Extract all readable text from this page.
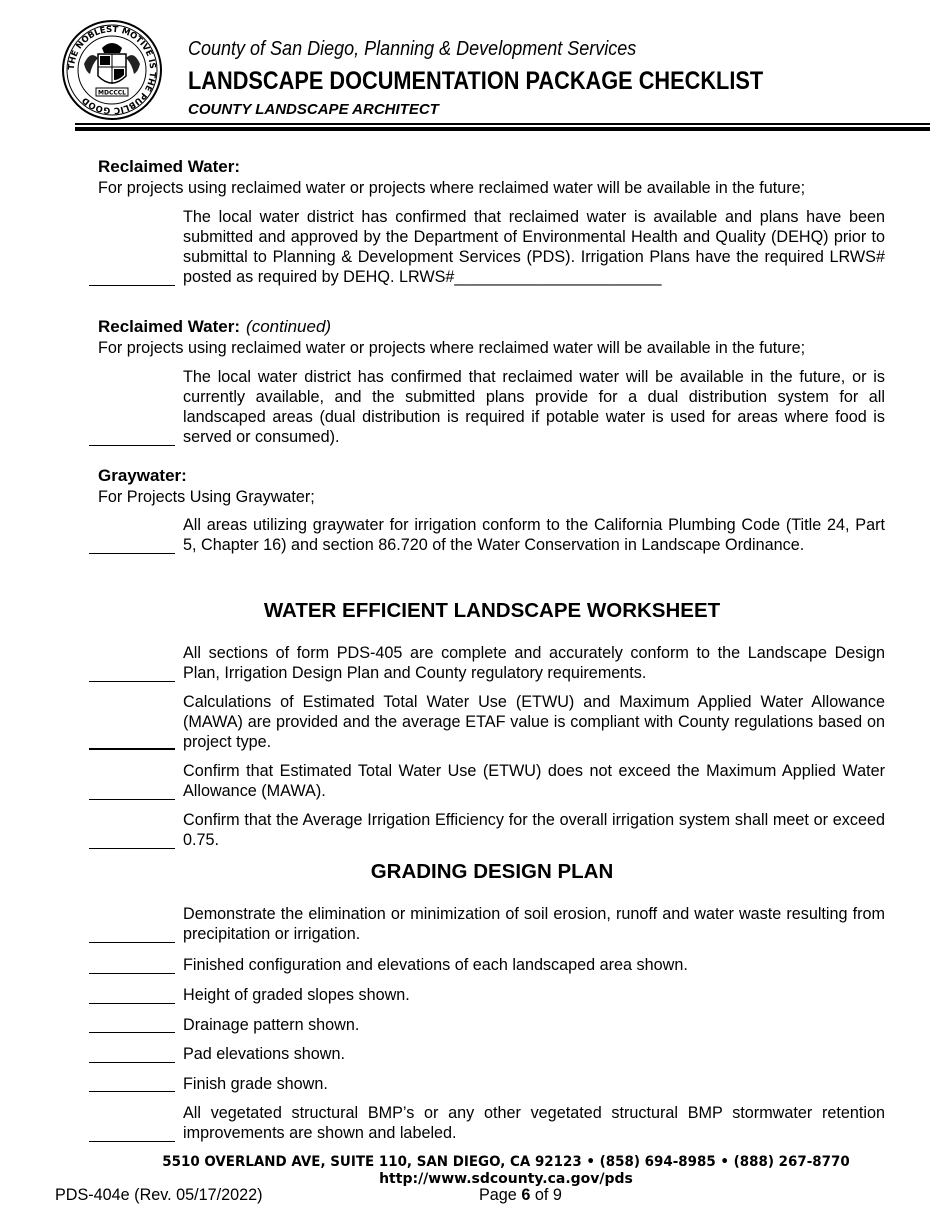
THE NOBLEST MOTIVE IS THE PUBLIC GOOD
MDCCCL
County of San Diego, Planning & Development Services
LANDSCAPE DOCUMENTATION PACKAGE CHECKLIST
COUNTY LANDSCAPE ARCHITECT
Reclaimed Water:
For projects using reclaimed water or projects where reclaimed water will be available in the future;
The local water district has confirmed that reclaimed water is available and plans have been submitted and approved by the Department of Environmental Health and Quality (DEHQ) prior to submittal to Planning & Development Services (PDS). Irrigation Plans have the required LRWS# posted as required by DEHQ. LRWS#_______________________
Reclaimed Water: (continued)
For projects using reclaimed water or projects where reclaimed water will be available in the future;
The local water district has confirmed that reclaimed water will be available in the future, or is currently available, and the submitted plans provide for a dual distribution system for all landscaped areas (dual distribution is required if potable water is used for areas where food is served or consumed).
Graywater:
For Projects Using Graywater;
All areas utilizing graywater for irrigation conform to the California Plumbing Code (Title 24, Part 5, Chapter 16) and section 86.720 of the Water Conservation in Landscape Ordinance.
WATER EFFICIENT LANDSCAPE WORKSHEET
All sections of form PDS-405 are complete and accurately conform to the Landscape Design Plan, Irrigation Design Plan and County regulatory requirements.
Calculations of Estimated Total Water Use (ETWU) and Maximum Applied Water Allowance (MAWA) are provided and the average ETAF value is compliant with County regulations based on project type.
Confirm that Estimated Total Water Use (ETWU) does not exceed the Maximum Applied Water Allowance (MAWA).
Confirm that the Average Irrigation Efficiency for the overall irrigation system shall meet or exceed 0.75.
GRADING DESIGN PLAN
Demonstrate the elimination or minimization of soil erosion, runoff and water waste resulting from precipitation or irrigation.
Finished configuration and elevations of each landscaped area shown.
Height of graded slopes shown.
Drainage pattern shown.
Pad elevations shown.
Finish grade shown.
All vegetated structural BMP’s or any other vegetated structural BMP stormwater retention improvements are shown and labeled.
5510 OVERLAND AVE, SUITE 110, SAN DIEGO, CA 92123 • (858) 694-8985 • (888) 267-8770
http://www.sdcounty.ca.gov/pds
PDS-404e (Rev. 05/17/2022)	Page 6 of 9
